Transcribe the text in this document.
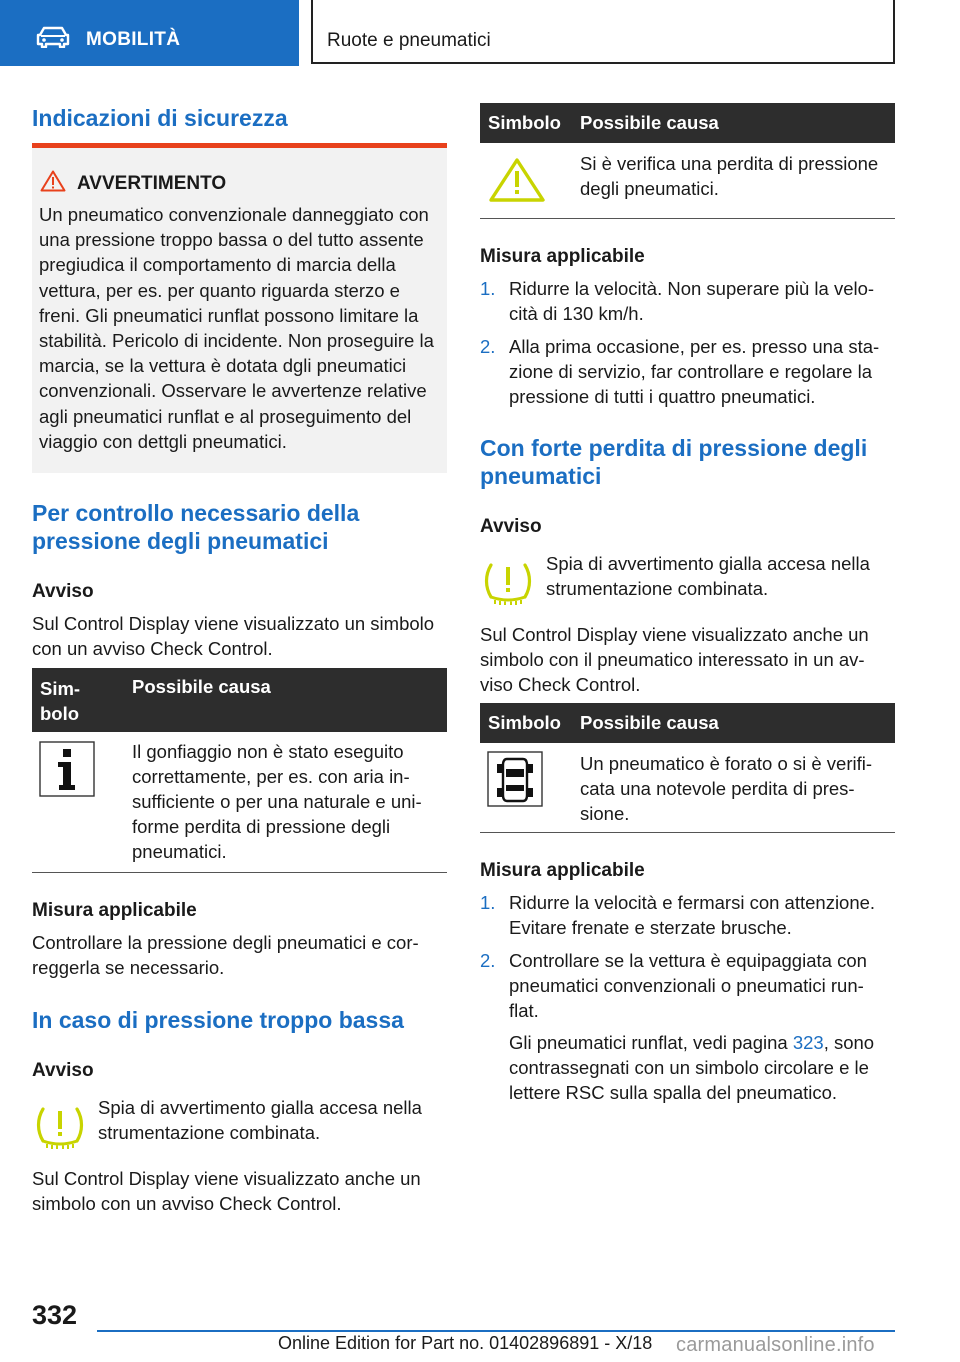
MOBILITÀ	Ruote e pneumatici
Indicazioni di sicurezza
AVVERTIMENTO
Un pneumatico convenzionale danneggiato con una pressione troppo bassa o del tutto assente pregiudica il comportamento di marcia della vettura, per es. per quanto riguarda sterzo e freni. Gli pneumatici runflat possono limitare la stabilità. Pericolo di incidente. Non proseguire la marcia, se la vettura è dotata dgli pneumatici convenzionali. Osservare le avvertenze relative agli pneumatici runflat e al proseguimento del viaggio con dettgli pneumatici.
Per controllo necessario della pressione degli pneumatici
Avviso

Sul Control Display viene visualizzato un simbolo con un avviso Check Control.

Sim-
bolo
Possibile causa
Il gonfiaggio non è stato eseguito correttamente, per es. con aria in- sufficiente o per una naturale e uni- forme perdita di pressione degli pneumatici.
Misura applicabile

Controllare la pressione degli pneumatici e cor- reggerla se necessario.

In caso di pressione troppo bassa
Avviso

Spia di avvertimento gialla accesa nella strumentazione combinata.

Sul Control Display viene visualizzato anche un simbolo con un avviso Check Control.

Simbolo Possibile causa
Si è verifica una perdita di pressione degli pneumatici.
Misura applicabile
1. Ridurre la velocità. Non superare più la velo- cità di 130 km/h.
2. Alla prima occasione, per es. presso una sta- zione di servizio, far controllare e regolare la pressione di tutti i quattro pneumatici.
Con forte perdita di pressione degli pneumatici
Avviso

Spia di avvertimento gialla accesa nella strumentazione combinata.

Sul Control Display viene visualizzato anche un simbolo con il pneumatico interessato in un av- viso Check Control.

Simbolo Possibile causa
Un pneumatico è forato o si è verifi- cata una notevole perdita di pres- sione.
Misura applicabile
1. Ridurre la velocità e fermarsi con attenzione. Evitare frenate e sterzate brusche.
2. Controllare se la vettura è equipaggiata con pneumatici convenzionali o pneumatici run- flat.

Gli pneumatici runflat, vedi pagina 323, sono contrassegnati con un simbolo circolare e le lettere RSC sulla spalla del pneumatico.

332
Online Edition for Part no. 01402896891 - X/18 carmanualsonline.info
